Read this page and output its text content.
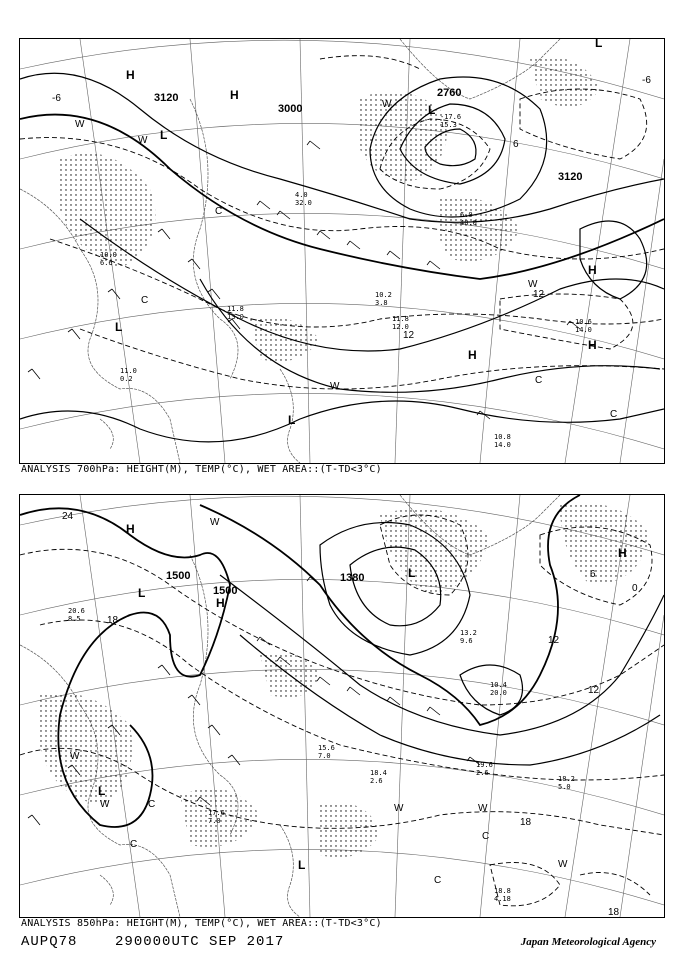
3000
3120
3120	2760
-6
6
12
12
-6
H
H
H
H
H
L
L
L
L
L
W
W
W
W
W
C
C
C
C
10.6
14.0
10.8
14.0
10.2
3.8
11.8
13.0
4.0
32.0
6.0
40.0
11.8
12.0
-17.6
15.3
10.0
6.6
11.0
0.2
ANALYSIS 700hPa: HEIGHT(M), TEMP(°C), WET AREA::(T-TD<3°C)
1500
1500
1380
24
18
12
12
18
6
0
18
H
H
H
L
L
L
L
W
W	W	W
W
W
C
C
C
C
18.2
5.0
18.4
2.6
19.6
2.6
18.8
4.18
15.6
7.0
10.4
20.0
20.6
8.5
13.2
9.6
17.6
7.0
ANALYSIS 850hPa: HEIGHT(M), TEMP(°C), WET AREA::(T-TD<3°C)
AUPQ78	290000UTC SEP 2017	Japan Meteorological Agency
